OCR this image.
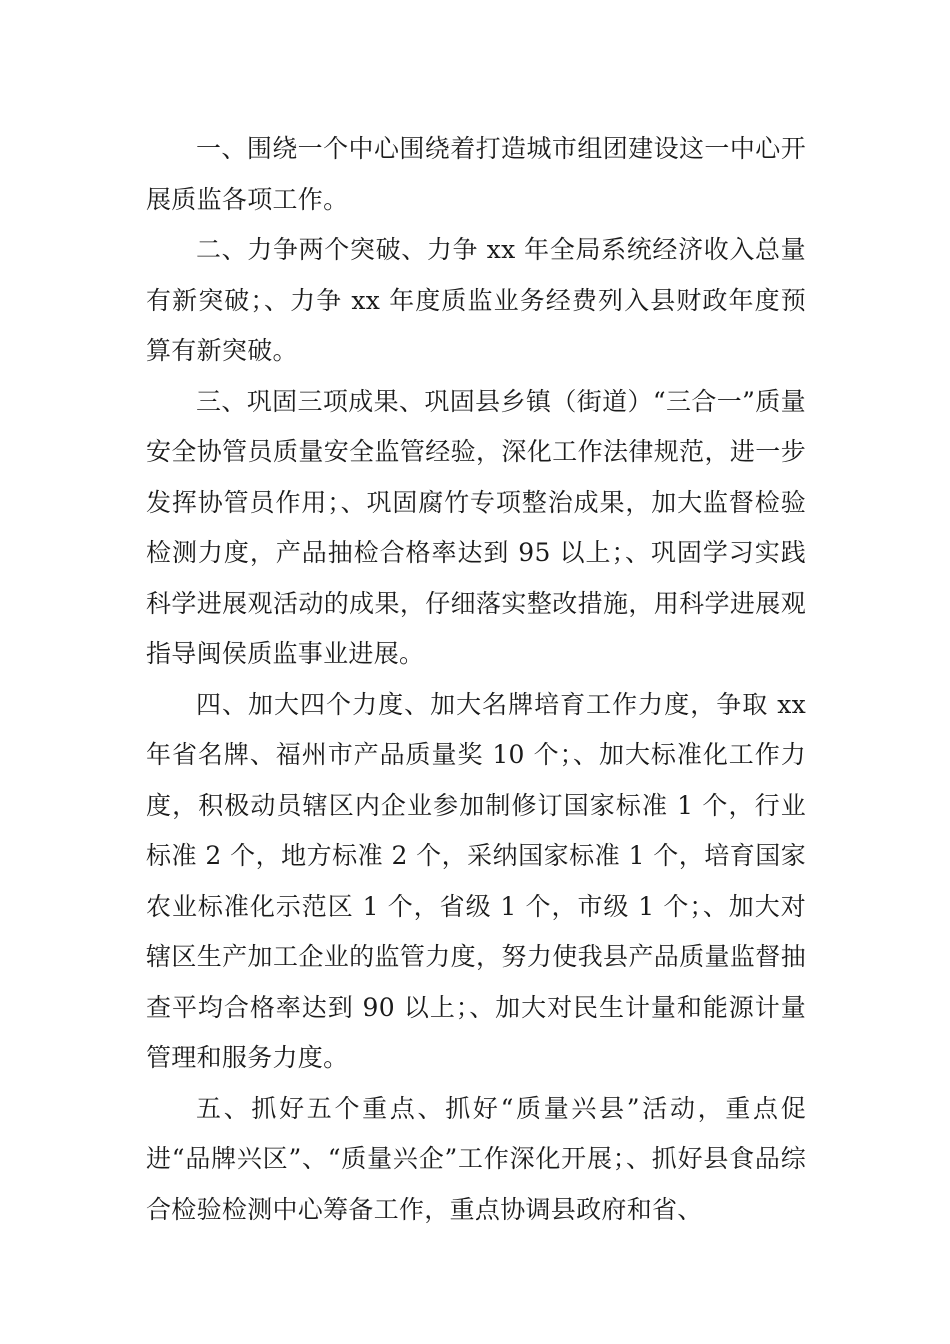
一、围绕一个中心围绕着打造城市组团建设这一中心开展质监各项工作。

二、力争两个突破、力争 xx 年全局系统经济收入总量有新突破；、力争 xx 年度质监业务经费列入县财政年度预算有新突破。

三、巩固三项成果、巩固县乡镇（街道）“三合一”质量安全协管员质量安全监管经验，深化工作法律规范，进一步发挥协管员作用；、巩固腐竹专项整治成果，加大监督检验检测力度，产品抽检合格率达到 95 以上；、巩固学习实践科学进展观活动的成果，仔细落实整改措施，用科学进展观指导闽侯质监事业进展。

四、加大四个力度、加大名牌培育工作力度，争取 xx 年省名牌、福州市产品质量奖 10 个；、加大标准化工作力度，积极动员辖区内企业参加制修订国家标准 1 个，行业标准 2 个，地方标准 2 个，采纳国家标准 1 个，培育国家农业标准化示范区 1 个，省级 1 个，市级 1 个；、加大对辖区生产加工企业的监管力度，努力使我县产品质量监督抽查平均合格率达到 90 以上；、加大对民生计量和能源计量管理和服务力度。

五、抓好五个重点、抓好“质量兴县”活动，重点促进“品牌兴区”、“质量兴企”工作深化开展；、抓好县食品综合检验检测中心筹备工作，重点协调县政府和省、
